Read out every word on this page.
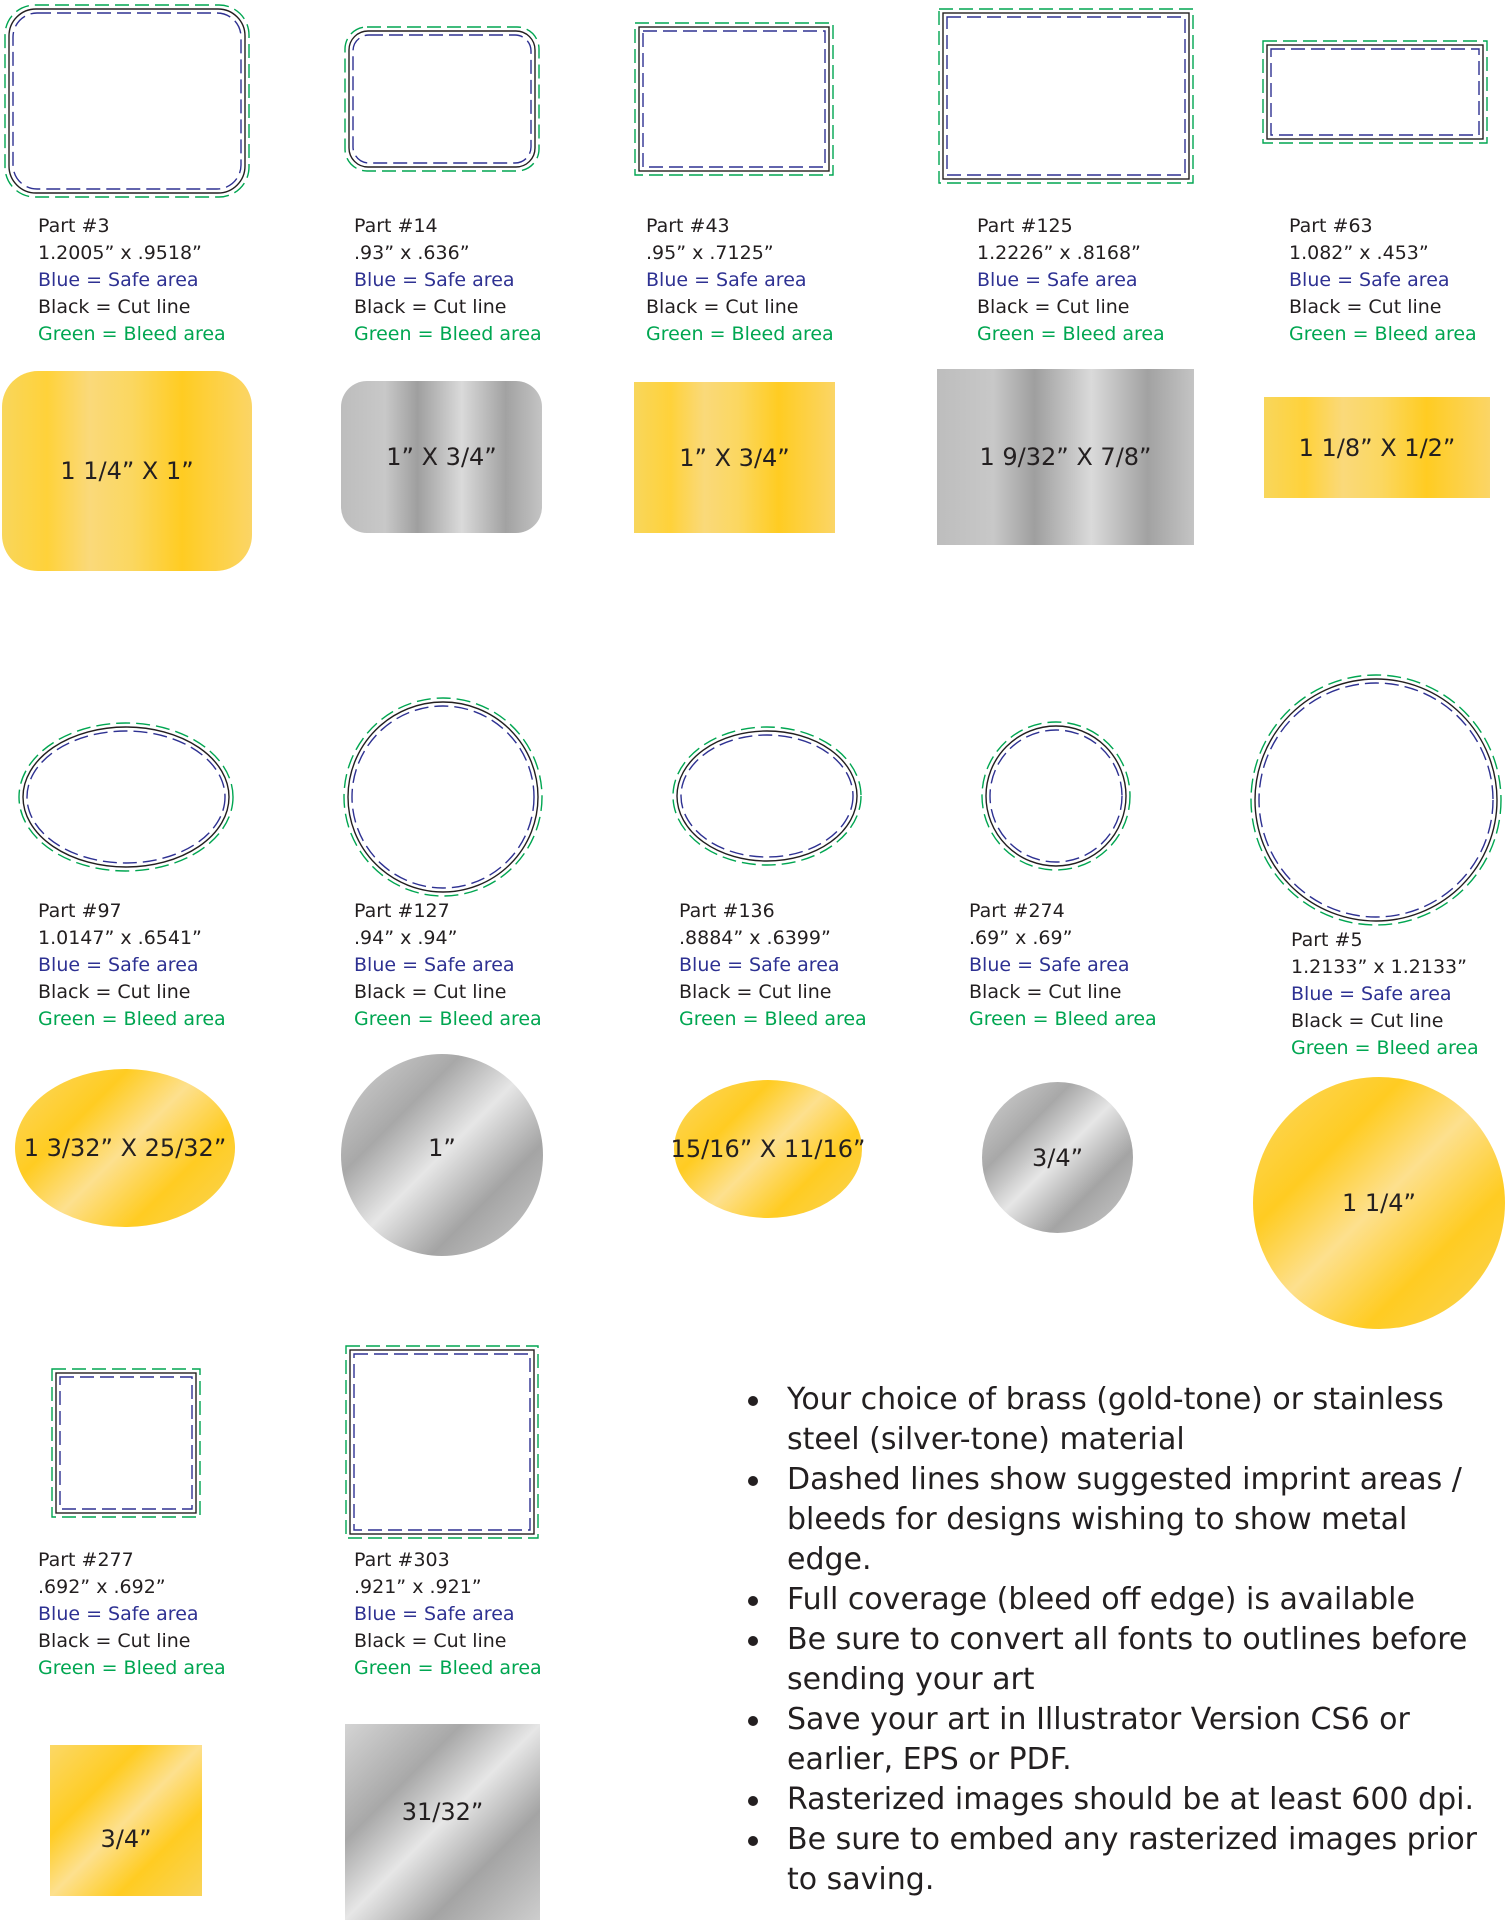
Part #3
1.2005” x .9518”
Blue = Safe area
Black = Cut line
Green = Bleed area
Part #14
.93” x .636”
Blue = Safe area
Black = Cut line
Green = Bleed area
Part #43
.95” x .7125”
Blue = Safe area
Black = Cut line
Green = Bleed area
Part #125
1.2226” x .8168”
Blue = Safe area
Black = Cut line
Green = Bleed area
Part #63
1.082” x .453”
Blue = Safe area
Black = Cut line
Green = Bleed area
1 1/4” X 1”	1” X 3/4”	1” X 3/4”	1 9/32” X 7/8”	1 1/8” X 1/2”
Part #97
1.0147” x .6541”
Blue = Safe area
Black = Cut line
Green = Bleed area
Part #127
.94” x .94”
Blue = Safe area
Black = Cut line
Green = Bleed area
Part #136
.8884” x .6399”
Blue = Safe area
Black = Cut line
Green = Bleed area
Part #274
.69” x .69”
Blue = Safe area
Black = Cut line
Green = Bleed area
Part #5
1.2133” x 1.2133”
Blue = Safe area
Black = Cut line
Green = Bleed area
1 3/32” X 25/32”	1”	15/16” X 11/16”	3/4”
1 1/4”
Part #277
.692” x .692”
Blue = Safe area
Black = Cut line
Green = Bleed area
Part #303
.921” x .921”
Blue = Safe area
Black = Cut line
Green = Bleed area
3/4”
31/32”
Your choice of brass (gold-tone) or stainless steel (silver-tone) material
Dashed lines show suggested imprint areas / bleeds for designs wishing to show metal edge.
Full coverage (bleed off edge) is available
Be sure to convert all fonts to outlines before sending your art
Save your art in Illustrator Version CS6 or earlier, EPS or PDF.
Rasterized images should be at least 600 dpi.
Be sure to embed any rasterized images prior to saving.
